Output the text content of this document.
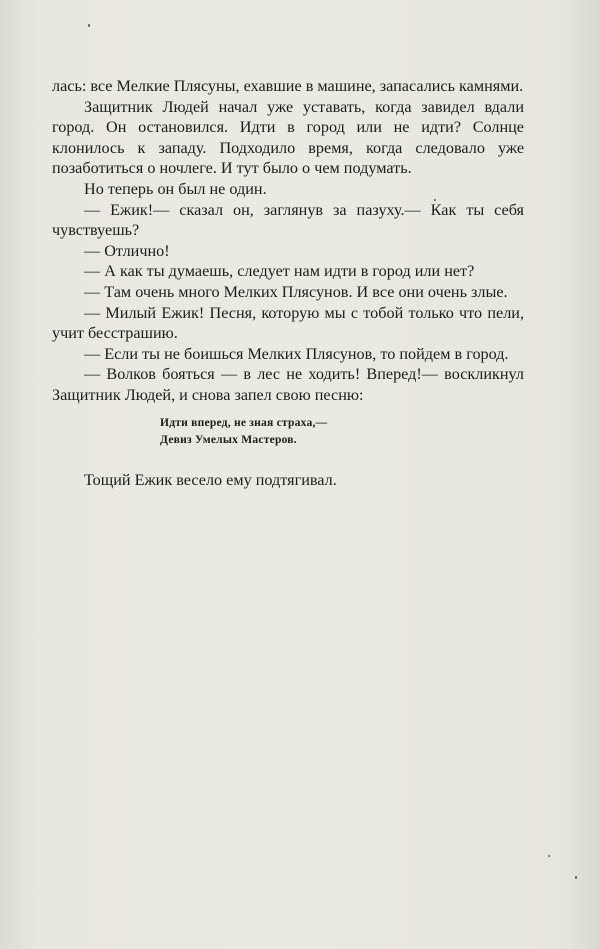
лась: все Мелкие Плясуны, ехавшие в машине, запасались камнями.

Защитник Людей начал уже уставать, когда завидел вдали город. Он остановился. Идти в город или не идти? Солнце клонилось к западу. Подходило время, когда следовало уже позаботиться о ночлеге. И тут было о чем подумать.

Но теперь он был не один.

— Ежик!— сказал он, заглянув за пазуху.— Как ты себя чувствуешь?

— Отлично!

— А как ты думаешь, следует нам идти в город или нет?

— Там очень много Мелких Плясунов. И все они очень злые.

— Милый Ежик! Песня, которую мы с тобой только что пели, учит бесстрашию.

— Если ты не боишься Мелких Плясунов, то пойдем в город.

— Волков бояться — в лес не ходить! Вперед!— воскликнул Защитник Людей, и снова запел свою песню:

Идти вперед, не зная страха,—
Девиз Умелых Мастеров.

Тощий Ежик весело ему подтягивал.
